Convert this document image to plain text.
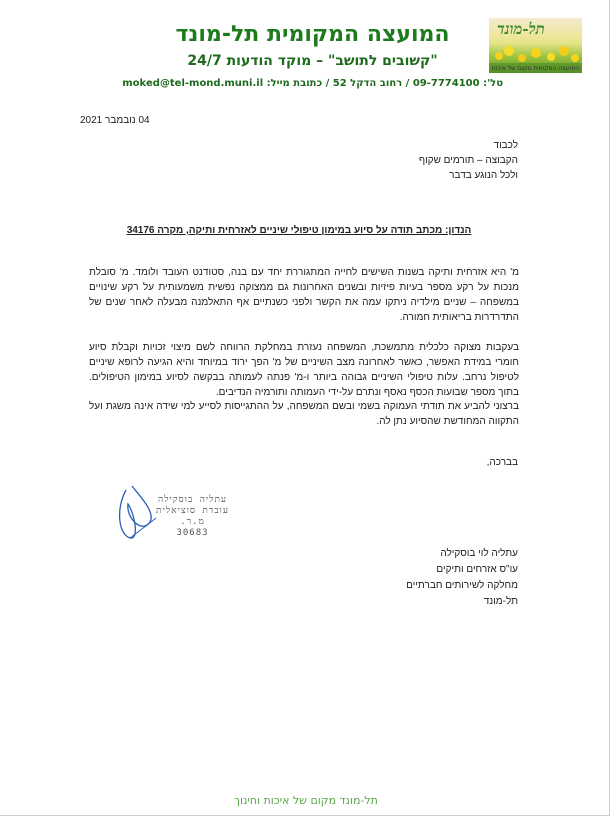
תל-מונד
המועצה המקומית מקום של איכות
המועצה המקומית תל-מונד
"קשובים לתושב" – מוקד הודעות 24/7
טל': 09-7774100 / רחוב הדקל 52 / כתובת מייל: moked@tel-mond.muni.il
04 נובמבר 2021
לכבוד
הקבוצה – תורמים שקוף
ולכל הנוגע בדבר
הנדון: מכתב תודה על סיוע במימון טיפולי שיניים לאזרחית ותיקה, מקרה 34176
מ' היא אזרחית ותיקה בשנות השישים לחייה המתגוררת יחד עם בנה, סטודנט העובד ולומד. מ' סובלת מנכות על רקע מספר בעיות פיזיות ובשנים האחרונות גם ממצוקה נפשית משמעותית על רקע שינויים במשפחה – שניים מילדיה ניתקו עמה את הקשר ולפני כשנתיים אף התאלמנה מבעלה לאחר שנים של התדרדרות בריאותית חמורה.
בעקבות מצוקה כלכלית מתמשכת, המשפחה נעזרת במחלקת הרווחה לשם מיצוי זכויות וקבלת סיוע חומרי במידת האפשר, כאשר לאחרונה מצב השיניים של מ' הפך ירוד במיוחד והיא הגיעה לרופא שיניים לטיפול נרחב. עלות טיפולי השיניים גבוהה ביותר ו-מ' פנתה לעמותה בבקשה לסיוע במימון הטיפולים. בתוך מספר שבועות הכסף נאסף ונתרם על-ידי העמותה ותורמיה הנדיבים.
ברצוני להביע את תודתי העמוקה בשמי ובשם המשפחה, על ההתגייסות לסייע למי שידה אינה משגת ועל התקווה המחודשת שהסיוע נתן לה.
בברכה,
עתליה בוסקילה
עובדת סוציאלית
מ.ר.
30683
עתליה לוי בוסקילה
עו"ס אזרחים ותיקים
מחלקה לשירותים חברתיים
תל-מונד
תל-מונד מקום של איכות וחינוך
